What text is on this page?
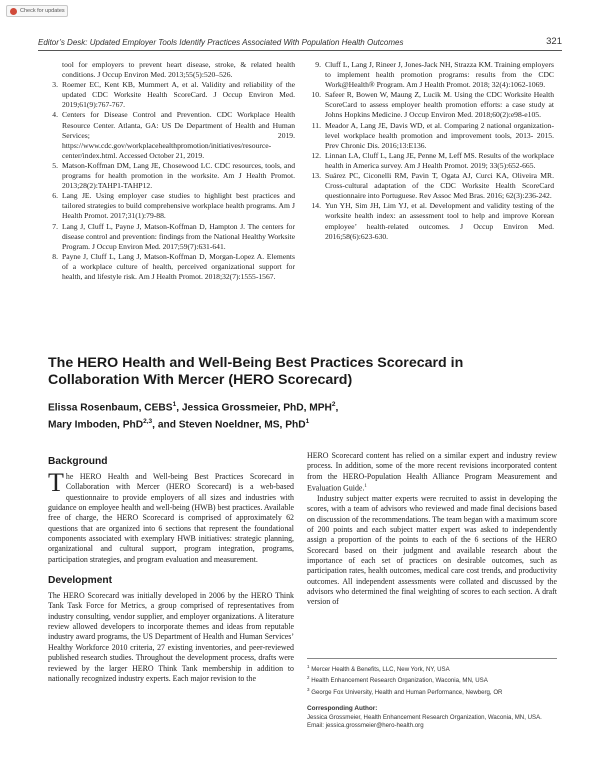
Check for updates
Editor’s Desk: Updated Employer Tools Identify Practices Associated With Population Health Outcomes	321
tool for employers to prevent heart disease, stroke, & related health conditions. J Occup Environ Med. 2013;55(5):520–526.
3. Roemer EC, Kent KB, Mummert A, et al. Validity and reliability of the updated CDC Worksite Health ScoreCard. J Occup Environ Med. 2019;61(9):767-767.
4. Centers for Disease Control and Prevention. CDC Workplace Health Resource Center. Atlanta, GA: US De Department of Health and Human Services; 2019. https://www.cdc.gov/workplacehealthpromotion/initiatives/resource-center/index.html. Accessed October 21, 2019.
5. Matson-Koffman DM, Lang JE, Chosewood LC. CDC resources, tools, and programs for health promotion in the worksite. Am J Health Promot. 2013;28(2):TAHP1-TAHP12.
6. Lang JE. Using employer case studies to highlight best practices and tailored strategies to build comprehensive workplace health programs. Am J Health Promot. 2017;31(1):79-88.
7. Lang J, Cluff L, Payne J, Matson-Koffman D, Hampton J. The centers for disease control and prevention: findings from the National Healthy Worksite Program. J Occup Environ Med. 2017;59(7):631-641.
8. Payne J, Cluff L, Lang J, Matson-Koffman D, Morgan-Lopez A. Elements of a workplace culture of health, perceived organizational support for health, and lifestyle risk. Am J Health Promot. 2018;32(7):1555-1567.
9. Cluff L, Lang J, Rineer J, Jones-Jack NH, Strazza KM. Training employers to implement health promotion programs: results from the CDC Work@Health® Program. Am J Health Promot. 2018; 32(4):1062-1069.
10. Safeer R, Bowen W, Maung Z, Lucik M. Using the CDC Worksite Health ScoreCard to assess employer health promotion efforts: a case study at Johns Hopkins Medicine. J Occup Environ Med. 2018;60(2):e98-e105.
11. Meador A, Lang JE, Davis WD, et al. Comparing 2 national organization-level workplace health promotion and improvement tools, 2013- 2015. Prev Chronic Dis. 2016;13:E136.
12. Linnan LA, Cluff L, Lang JE, Penne M, Leff MS. Results of the workplace health in America survey. Am J Health Promot. 2019; 33(5):652-665.
13. Suárez PC, Ciconelli RM, Pavin T, Ogata AJ, Curci KA, Oliveira MR. Cross-cultural adaptation of the CDC Worksite Health ScoreCard questionnaire into Portuguese. Rev Assoc Med Bras. 2016; 62(3):236-242.
14. Yun YH, Sim JH, Lim YJ, et al. Development and validity testing of the worksite health index: an assessment tool to help and improve Korean employee’ health-related outcomes. J Occup Environ Med. 2016;58(6):623-630.
The HERO Health and Well-Being Best Practices Scorecard in Collaboration With Mercer (HERO Scorecard)
Elissa Rosenbaum, CEBS$^1$, Jessica Grossmeier, PhD, MPH$^2$,
Mary Imboden, PhD$^{2,3}$, and Steven Noeldner, MS, PhD$^1$
Background

The HERO Health and Well-being Best Practices Scorecard in Collaboration with Mercer (HERO Scorecard) is a web-based questionnaire to provide employers of all sizes and industries with guidance on employee health and well-being (HWB) best practices. Available free of charge, the HERO Scorecard is comprised of approximately 62 questions that are organized into 6 sections that represent the foundational components associated with exemplary HWB initiatives: strategic planning, organizational and cultural support, program integration, programs, participation strategies, and program evaluation and measurement.

Development

The HERO Scorecard was initially developed in 2006 by the HERO Think Tank Task Force for Metrics, a group comprised of representatives from industry consulting, vendor supplier, and employer organizations. A literature review allowed developers to incorporate themes and ideas from reputable industry award programs, the US Department of Health and Human Services’ Healthy Workforce 2010 criteria, 27 existing inventories, and peer-reviewed published research studies. Throughout the development process, drafts were reviewed by the larger HERO Think Tank membership in addition to nationally recognized industry experts. Each major revision to the

HERO Scorecard content has relied on a similar expert and industry review process. In addition, some of the more recent revisions incorporated content from the HERO-Population Health Alliance Program Measurement and Evaluation Guide.$^1$

Industry subject matter experts were recruited to assist in developing the scores, with a team of advisors who reviewed and made final decisions based on discussion of the recommendations. The team began with a maximum score of 200 points and each subject matter expert was asked to independently assign a proportion of the points to each of the 6 sections of the HERO Scorecard based on their judgment and available research about the importance of each set of practices on desirable outcomes, such as participation rates, health outcomes, medical care cost trends, and productivity outcomes. All independent assessments were collated and discussed by the advisors who determined the final weighting of scores to each section. A draft version of

$^1$ Mercer Health & Benefits, LLC, New York, NY, USA
$^2$ Health Enhancement Research Organization, Waconia, MN, USA
$^3$ George Fox University, Health and Human Performance, Newberg, OR
Corresponding Author:
Jessica Grossmeier, Health Enhancement Research Organization, Waconia, MN, USA.
Email: jessica.grossmeier@hero-health.org
